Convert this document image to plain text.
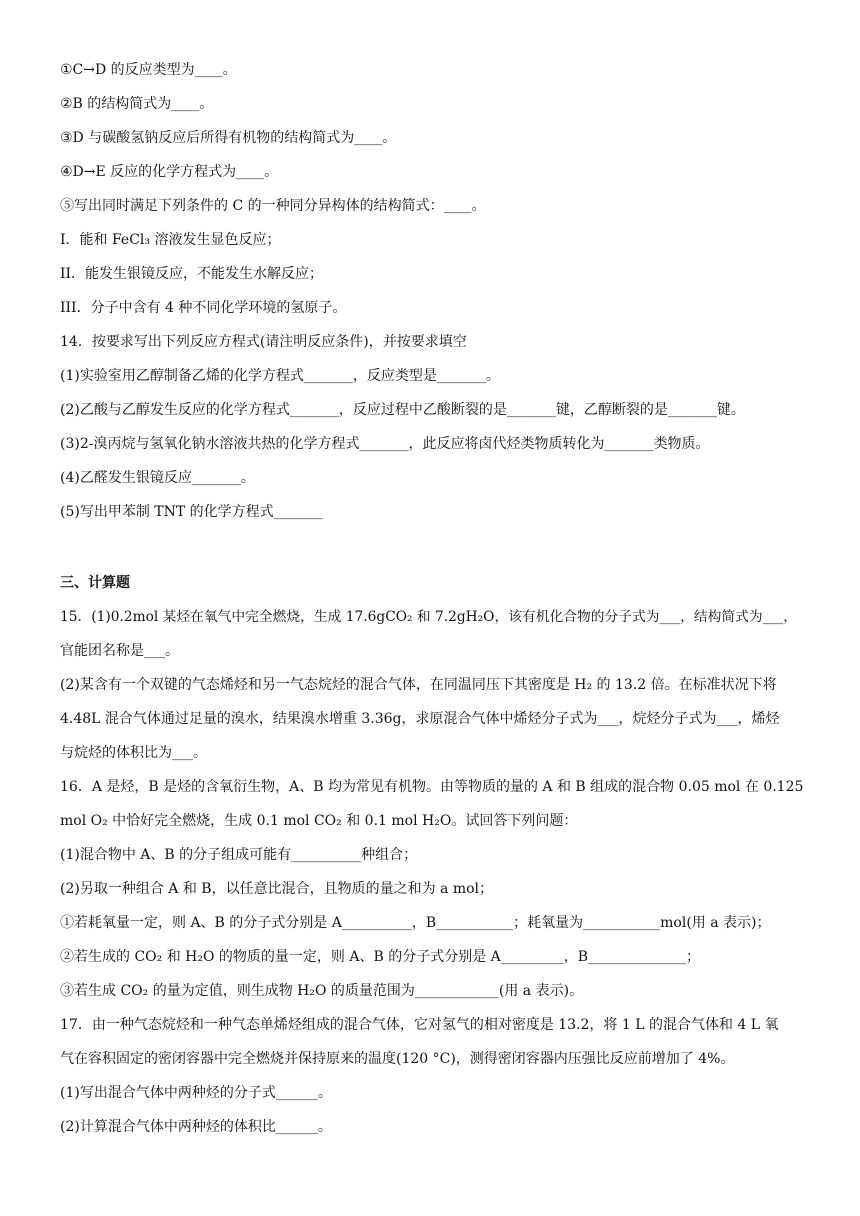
①C→D 的反应类型为____。
②B 的结构简式为____。
③D 与碳酸氢钠反应后所得有机物的结构简式为____。
④D→E 反应的化学方程式为____。
⑤写出同时满足下列条件的 C 的一种同分异构体的结构简式：____。
I．能和 FeCl₃ 溶液发生显色反应；
II．能发生银镜反应，不能发生水解反应；
III．分子中含有 4 种不同化学环境的氢原子。
14．按要求写出下列反应方程式(请注明反应条件)，并按要求填空
(1)实验室用乙醇制备乙烯的化学方程式_______，反应类型是_______。
(2)乙酸与乙醇发生反应的化学方程式_______，反应过程中乙酸断裂的是_______键，乙醇断裂的是_______键。
(3)2-溴丙烷与氢氧化钠水溶液共热的化学方程式_______，此反应将卤代烃类物质转化为_______类物质。
(4)乙醛发生银镜反应_______。
(5)写出甲苯制 TNT 的化学方程式_______
三、计算题
15．(1)0.2mol 某烃在氧气中完全燃烧，生成 17.6gCO₂ 和 7.2gH₂O，该有机化合物的分子式为___，结构简式为___，
官能团名称是___。
(2)某含有一个双键的气态烯烃和另一气态烷烃的混合气体，在同温同压下其密度是 H₂ 的 13.2 倍。在标准状况下将
4.48L 混合气体通过足量的溴水，结果溴水增重 3.36g，求原混合气体中烯烃分子式为___，烷烃分子式为___，烯烃
与烷烃的体积比为___。
16．A 是烃，B 是烃的含氧衍生物，A、B 均为常见有机物。由等物质的量的 A 和 B 组成的混合物 0.05 mol 在 0.125
mol O₂ 中恰好完全燃烧，生成 0.1 mol CO₂ 和 0.1 mol H₂O。试回答下列问题：
(1)混合物中 A、B 的分子组成可能有__________种组合；
(2)另取一种组合 A 和 B，以任意比混合，且物质的量之和为 a mol；
①若耗氧量一定，则 A、B 的分子式分别是 A__________，B___________；耗氧量为___________mol(用 a 表示)；
②若生成的 CO₂ 和 H₂O 的物质的量一定，则 A、B 的分子式分别是 A_________，B______________；
③若生成 CO₂ 的量为定值，则生成物 H₂O 的质量范围为____________(用 a 表示)。
17．由一种气态烷烃和一种气态单烯烃组成的混合气体，它对氢气的相对密度是 13.2，将 1 L 的混合气体和 4 L 氧
气在容积固定的密闭容器中完全燃烧并保持原来的温度(120 °C)，测得密闭容器内压强比反应前增加了 4%。
(1)写出混合气体中两种烃的分子式______。
(2)计算混合气体中两种烃的体积比______。
